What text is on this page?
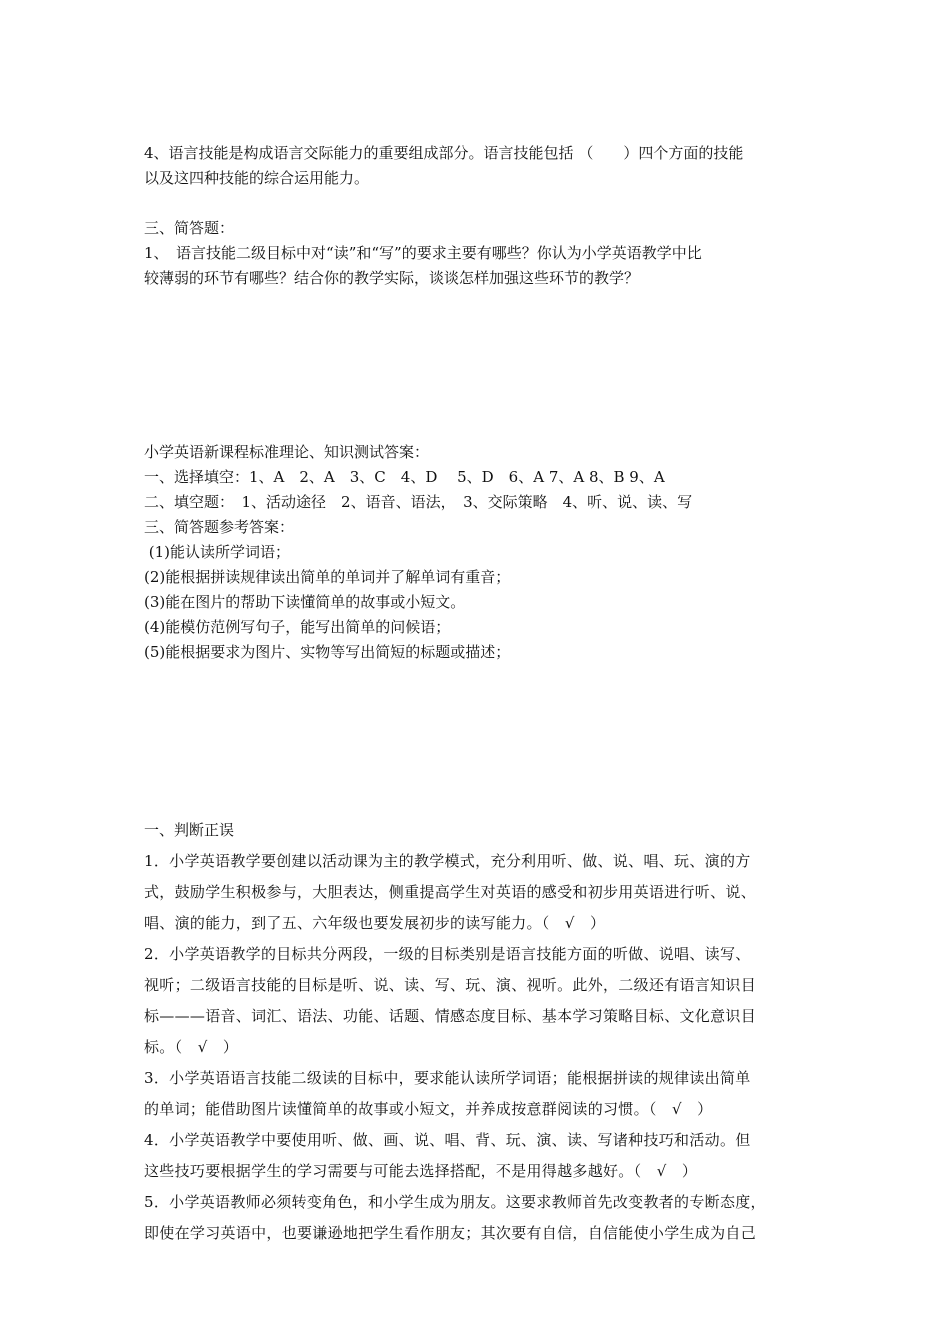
4、语言技能是构成语言交际能力的重要组成部分。语言技能包括 （　　）四个方面的技能

以及这四种技能的综合运用能力。

三、简答题：

1、　语言技能二级目标中对“读”和“写”的要求主要有哪些？你认为小学英语教学中比

较薄弱的环节有哪些？结合你的教学实际，谈谈怎样加强这些环节的教学？

小学英语新课程标准理论、知识测试答案：

一、选择填空：1、A　2、A　3、C　4、D　 5、D　6、A 7、A 8、B 9、A

二、填空题：　1、活动途径　2、语音、语法，　3、交际策略　4、听、说、读、写

三、简答题参考答案：

(1)能认读所学词语；

(2)能根据拼读规律读出简单的单词并了解单词有重音；

(3)能在图片的帮助下读懂简单的故事或小短文。

(4)能模仿范例写句子，能写出简单的问候语；

(5)能根据要求为图片、实物等写出简短的标题或描述；

一、判断正误

1．小学英语教学要创建以活动课为主的教学模式，充分利用听、做、说、唱、玩、演的方

式，鼓励学生积极参与，大胆表达，侧重提高学生对英语的感受和初步用英语进行听、说、

唱、演的能力，到了五、六年级也要发展初步的读写能力。（　√　）

2．小学英语教学的目标共分两段，一级的目标类别是语言技能方面的听做、说唱、读写、

视听；二级语言技能的目标是听、说、读、写、玩、演、视听。此外，二级还有语言知识目

标———语音、词汇、语法、功能、话题、情感态度目标、基本学习策略目标、文化意识目

标。（　√　）

3．小学英语语言技能二级读的目标中，要求能认读所学词语；能根据拼读的规律读出简单

的单词；能借助图片读懂简单的故事或小短文，并养成按意群阅读的习惯。（　√　）

4．小学英语教学中要使用听、做、画、说、唱、背、玩、演、读、写诸种技巧和活动。但

这些技巧要根据学生的学习需要与可能去选择搭配，不是用得越多越好。（　√　）

5．小学英语教师必须转变角色，和小学生成为朋友。这要求教师首先改变教者的专断态度，

即使在学习英语中，也要谦逊地把学生看作朋友；其次要有自信，自信能使小学生成为自己
